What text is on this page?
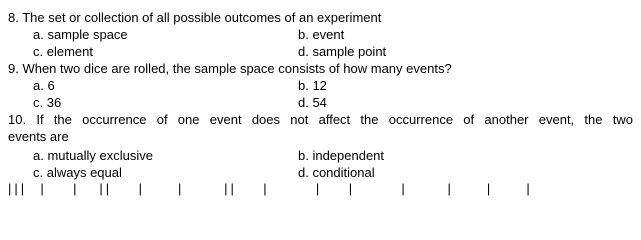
8. The set or collection of all possible outcomes of an experiment
a. sample space	b. event
c. element	d. sample point
9. When two dice are rolled, the sample space consists of how many events?
a. 6	b. 12
c. 36	d. 54
10. If the occurrence of one event does not affect the occurrence of another event, the two
events are
a. mutually exclusive	b. independent
c. always equal	d. conditional
|||  |    |   ||    |     |      ||    |       |    |       |      |     |     |
